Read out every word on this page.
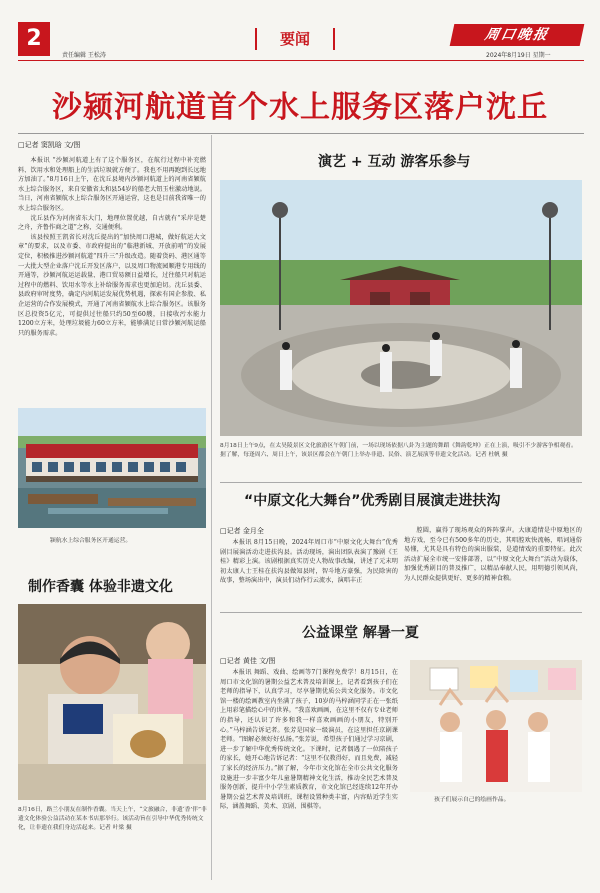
2
责任编辑 王松涛
要闻	周口晚报
2024年8月19日 星期一
沙颍河航道首个水上服务区落户沈丘
□记者 窦凯晗 文/图

本报讯 “沙颍河航道上有了这个服务区，在航行过程中补充燃料、饮用水和处理船上的生活垃圾就方便了。我也不用再跑到长远地方加油了。”8月16日上午，在沈丘县境内沙颍河航道上的河南省颍航水上综合服务区，来自安徽省太和县54岁的船老大钮玉柱激动地说。当日，河南省颍航水上综合服务区开通运营，这也是目前我省唯一的水上综合服务区。

沈丘县作为河南省东大门，地理位置优越，自古就有“采岸是楚之舟，齐鲁作商之道”之称，交通便利。

该县按照王凯省长对沈丘提出的“加快周口港城，做好航运大文章”的要求，以及市委、市政府提出的“临港新城、开放前哨”的发展定位，积极推进沙颍河航道“四升三”升级改造。随着货码、港区通等一大批大型企业落户沈丘开发区落户，以及周口物流园顺港专用线的开通等，沙颍河航运运载量、港口贸易额日益增长，过往船只对航运过程中的燃料、饮用水等水上补给服务需求也更加迫切。沈丘县委、县政府审时度势，确定内河航运发展优势机遇，探索有国企参股、私企运营的合作发展模式，开通了河南省颍航水上综合服务区。该服务区总投资5亿元，可提供过往船只约50至60艘，日接收污水能力1200立方米，处理垃圾能力60立方米，能够满足日常沙颍河航运船只的服务需求。

颍航水上综合服务区开通运营。
制作香囊 体验非遗文化
8月16日，路兰小朋友在制作香囊。当天上午，“文旅融合，非遗‘香’伴”非遗文化体验公益活动在某本书店那举行。该活动旨在引导中华优秀传统文化，让非遗在我们身边活起来。记者 叶梁 摄
演艺 + 互动 游客乐参与
8月18日上午9点，在太昊陵景区文化旅游区午朝门前，一场以现场依据八卦为主题的舞蹈《舞韵乾坤》正在上演，吸引不少游客争相观看。据了解，每逢周六、周日上午，该景区都会在午朝门上举办非遗、民俗、演艺展演等非遗文化活动。记者 杜帆 摄
“中原文化大舞台”优秀剧目展演走进扶沟
□记者 金月全
本报讯 8月15日晚，2024年周口市“中原文化大舞台”优秀剧目展演活动走进扶沟县。活动现场，演出团队表演了豫剧《王桂》精彩上演。该剧根据真实历史人物故事改编，讲述了元末明初太康人士王桂在扶沟县做知县时，智斗地方豪强，为民除害的故事，整场演出中，演员们动作行云流水，演唱丰正
腔圆，赢得了现场观众的阵阵掌声。大康道情是中原地区的地方戏，至今已有500多年的历史，其唱腔欢快流畅，唱词通俗易懂，尤其是具有特色的演出服装，是道情戏的重要特征。此次活动扩展全市统一安排部署，以“中原文化大舞台”活动为载体，加强优秀剧目的普及推广，以精品奉献人民，用明德引领风尚，为人民群众提供更好、更多的精神食粮。
公益课堂 解暑一夏
□记者 黄佳 文/图
本报讯 舞蹈、戏曲、绘画等7门课程免费学！8月15日，在周口市文化馆的暑期公益艺术普及培训课上，记者看到孩子们在老师的指导下，认真学习，尽享暑期优质公共文化服务。市文化馆一楼的绘画教室内坐满了孩子，10岁的马梓涵同学正在一张纸上用彩笔描绘心中的世界。“我喜欢画画，在这里不仅有专业老师的指导，还认识了许多和我一样喜欢画画的小朋友，特别开心。”马梓涵告诉记者。张芳是国家一级演员，在这里担任京剧课老师。“图解必须好好弘扬。”张芳说，希望孩子们通过学习京剧，进一步了解中华优秀传统文化。下课时，记者偶遇了一位陪孩子的家长，她开心地告诉记者：“这里不仅教得好，而且免费，减轻了家长的经济压力。”据了解，今年市文化馆在全市公共文化服务设施进一步丰富少年儿童暑期精神文化生活，推动全民艺术普及服务创新，提升中小学生素质教育，市文化馆已经连续12年开办暑期公益艺术普及培训班，课程设置种类丰富，内容贴近学生实际，涵盖舞蹈、美术、京剧、围棋等。
孩子们展示自己的绘画作品。
